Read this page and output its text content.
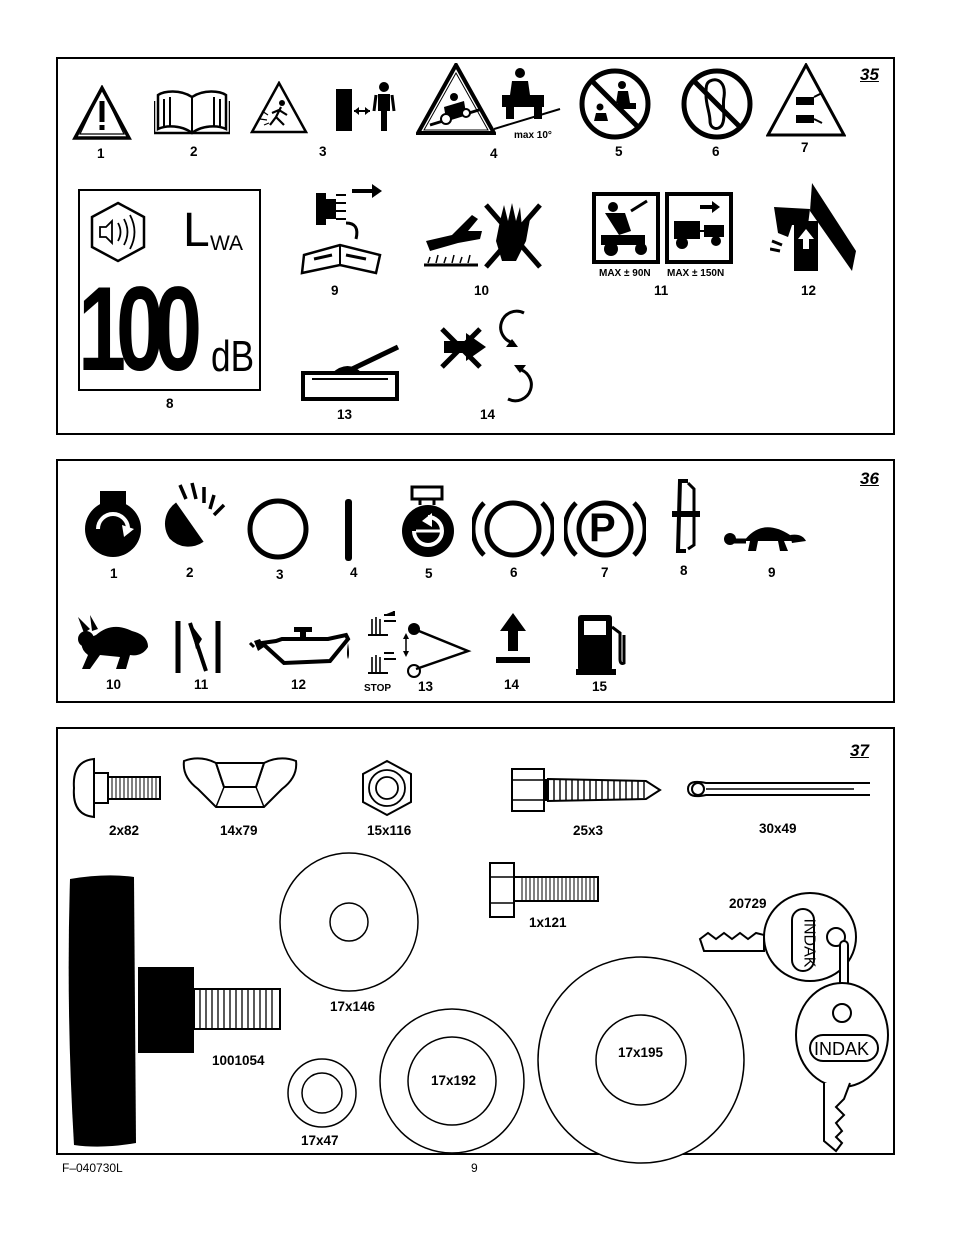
35
1	2	3
max 10°
4	5	6	7
L WA
100 dB
8
9	10
MAX ± 90N MAX ± 150N
11	12
13	14
36
1	2	3	4	5	6
P
7	8	9
10	11	12	STOP 13	14	15
37
2x82	14x79	15x116	25x3	30x49
1x121
1001054
17x146
17x47
17x192
17x195
INDAK
INDAK
20729
F–040730L	9
